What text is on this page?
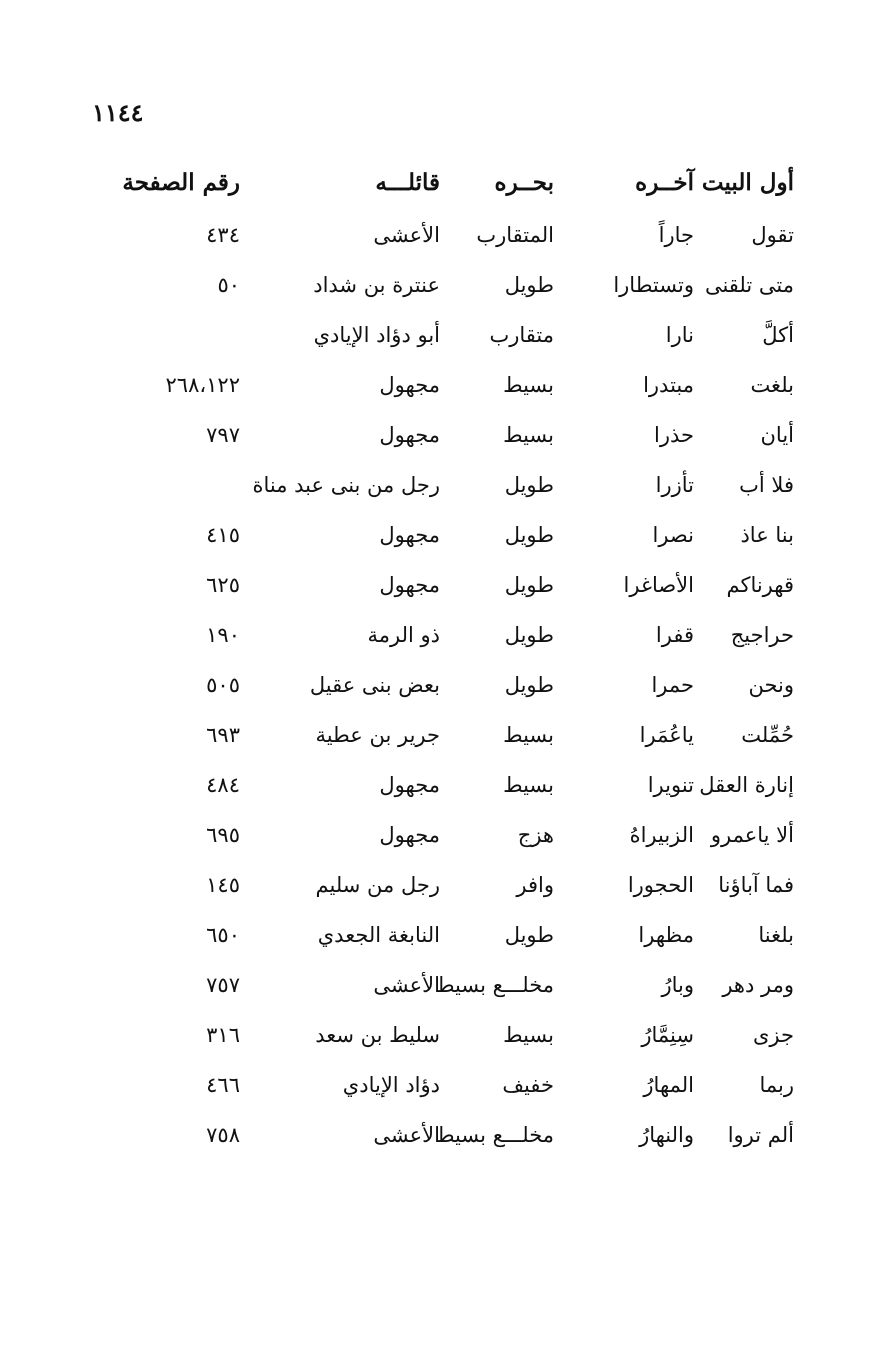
١١٤٤
أول البيت	آخــره	بحــره	قائلـــه	رقم الصفحة
تقول	جاراً	المتقارب	الأعشى	٤٣٤
متى تلقنى	وتستطارا	طويل	عنترة بن شداد	٥٠
أكلَّ	نارا	متقارب	أبو دؤاد الإيادي	
بلغت	مبتدرا	بسيط	مجهول	٢٦٨،١٢٢
أيان	حذرا	بسيط	مجهول	٧٩٧
فلا أب	تأزرا	طويل	رجل من بنى عبد مناة	
بنا عاذ	نصرا	طويل	مجهول	٤١٥
قهرناكم	الأصاغرا	طويل	مجهول	٦٢٥
حراجيج	قفرا	طويل	ذو الرمة	١٩٠
ونحن	حمرا	طويل	بعض بنى عقيل	٥٠٥
حُمِّلت	ياعُمَرا	بسيط	جرير بن عطية	٦٩٣
إنارة العقل	تنويرا	بسيط	مجهول	٤٨٤
ألا ياعمرو	الزبيراهُ	هزج	مجهول	٦٩٥
فما آباؤنا	الحجورا	وافر	رجل من سليم	١٤٥
بلغنا	مظهرا	طويل	النابغة الجعدي	٦٥٠
ومر دهر	وبارُ	مخلـــع بسيط	الأعشى	٧٥٧
جزى	سِنِمَّارُ	بسيط	سليط بن سعد	٣١٦
ربما	المهارُ	خفيف	دؤاد الإيادي	٤٦٦
ألم تروا	والنهارُ	مخلـــع بسيط	الأعشى	٧٥٨
